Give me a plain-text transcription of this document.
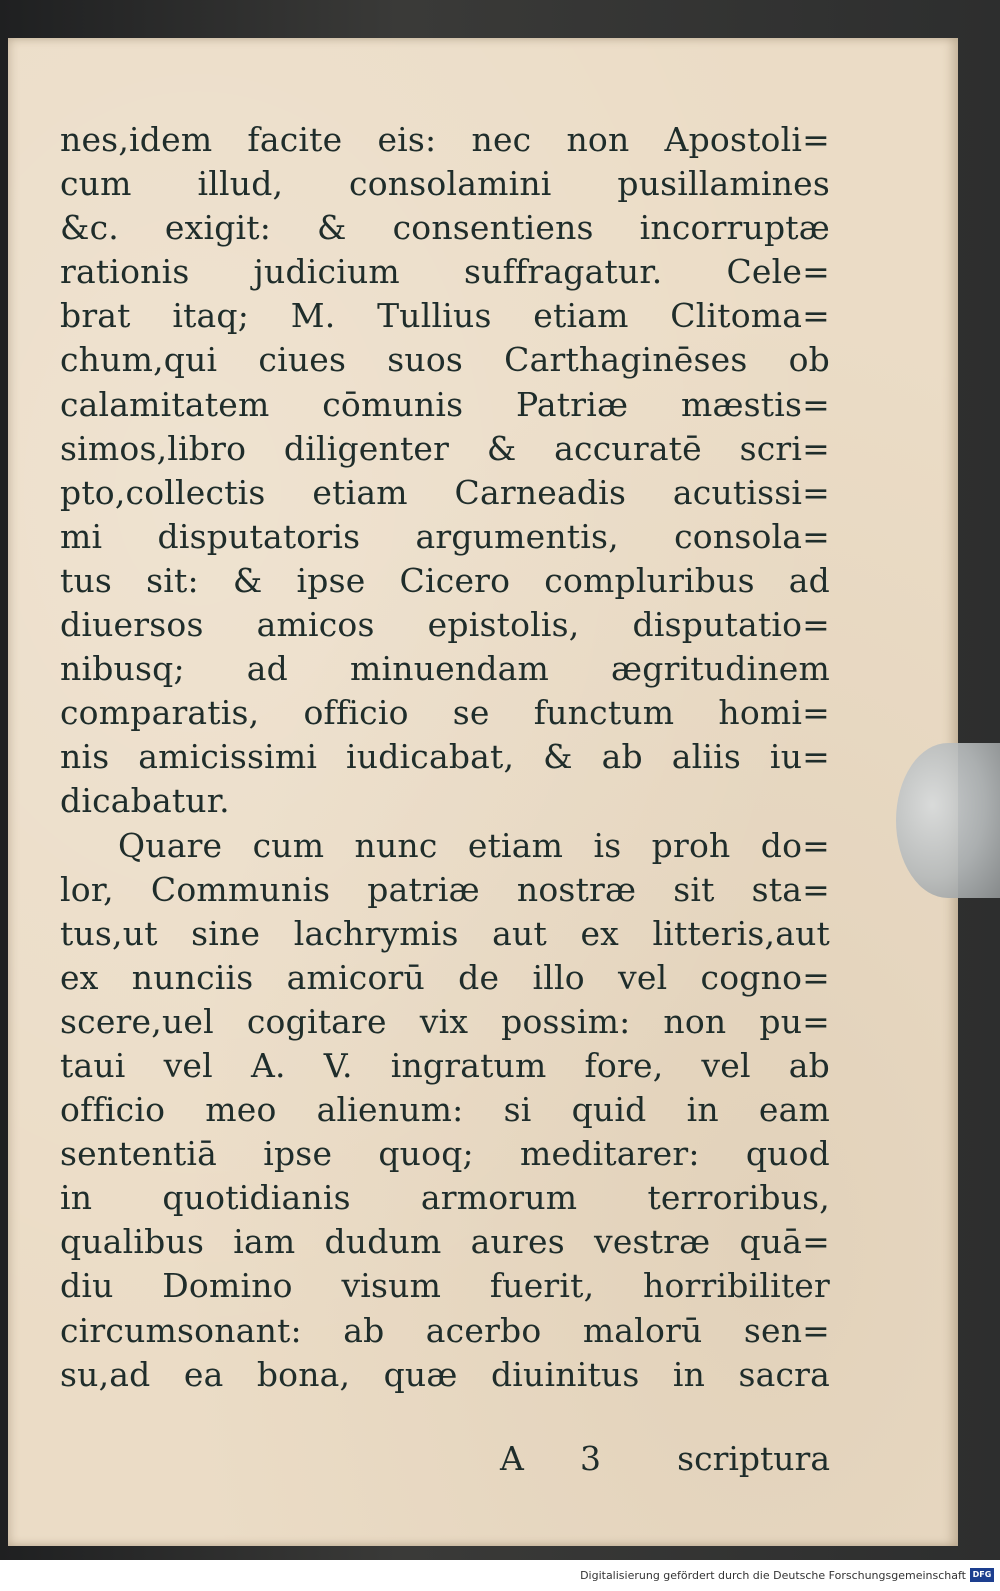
nes,idem facite eis: nec non Apostoli=
cum illud, consolamini pusillamines
&c. exigit: & consentiens incorruptæ
rationis judicium suffragatur. Cele=
brat itaq; M. Tullius etiam Clitoma=
chum,qui ciues suos Carthaginēses ob
calamitatem cōmunis Patriæ mæstis=
simos,libro diligenter & accuratē scri=
pto,collectis etiam Carneadis acutissi=
mi disputatoris argumentis, consola=
tus sit: & ipse Cicero compluribus ad
diuersos amicos epistolis, disputatio=
nibusq; ad minuendam ægritudinem
comparatis, officio se functum homi=
nis amicissimi iudicabat, & ab aliis iu=
dicabatur.
Quare cum nunc etiam is proh do=
lor, Communis patriæ nostræ sit sta=
tus,ut sine lachrymis aut ex litteris,aut
ex nunciis amicorū de illo vel cogno=
scere,uel cogitare vix possim: non pu=
taui vel A. V. ingratum fore, vel ab
officio meo alienum: si quid in eam
sententiā ipse quoq; meditarer: quod
in quotidianis armorum terroribus,
qualibus iam dudum aures vestræ quā=
diu Domino visum fuerit, horribiliter
circumsonant: ab acerbo malorū sen=
su,ad ea bona, quæ diuinitus in sacra
A 3 scriptura
Digitalisierung gefördert durch die Deutsche Forschungsgemeinschaft DFG
